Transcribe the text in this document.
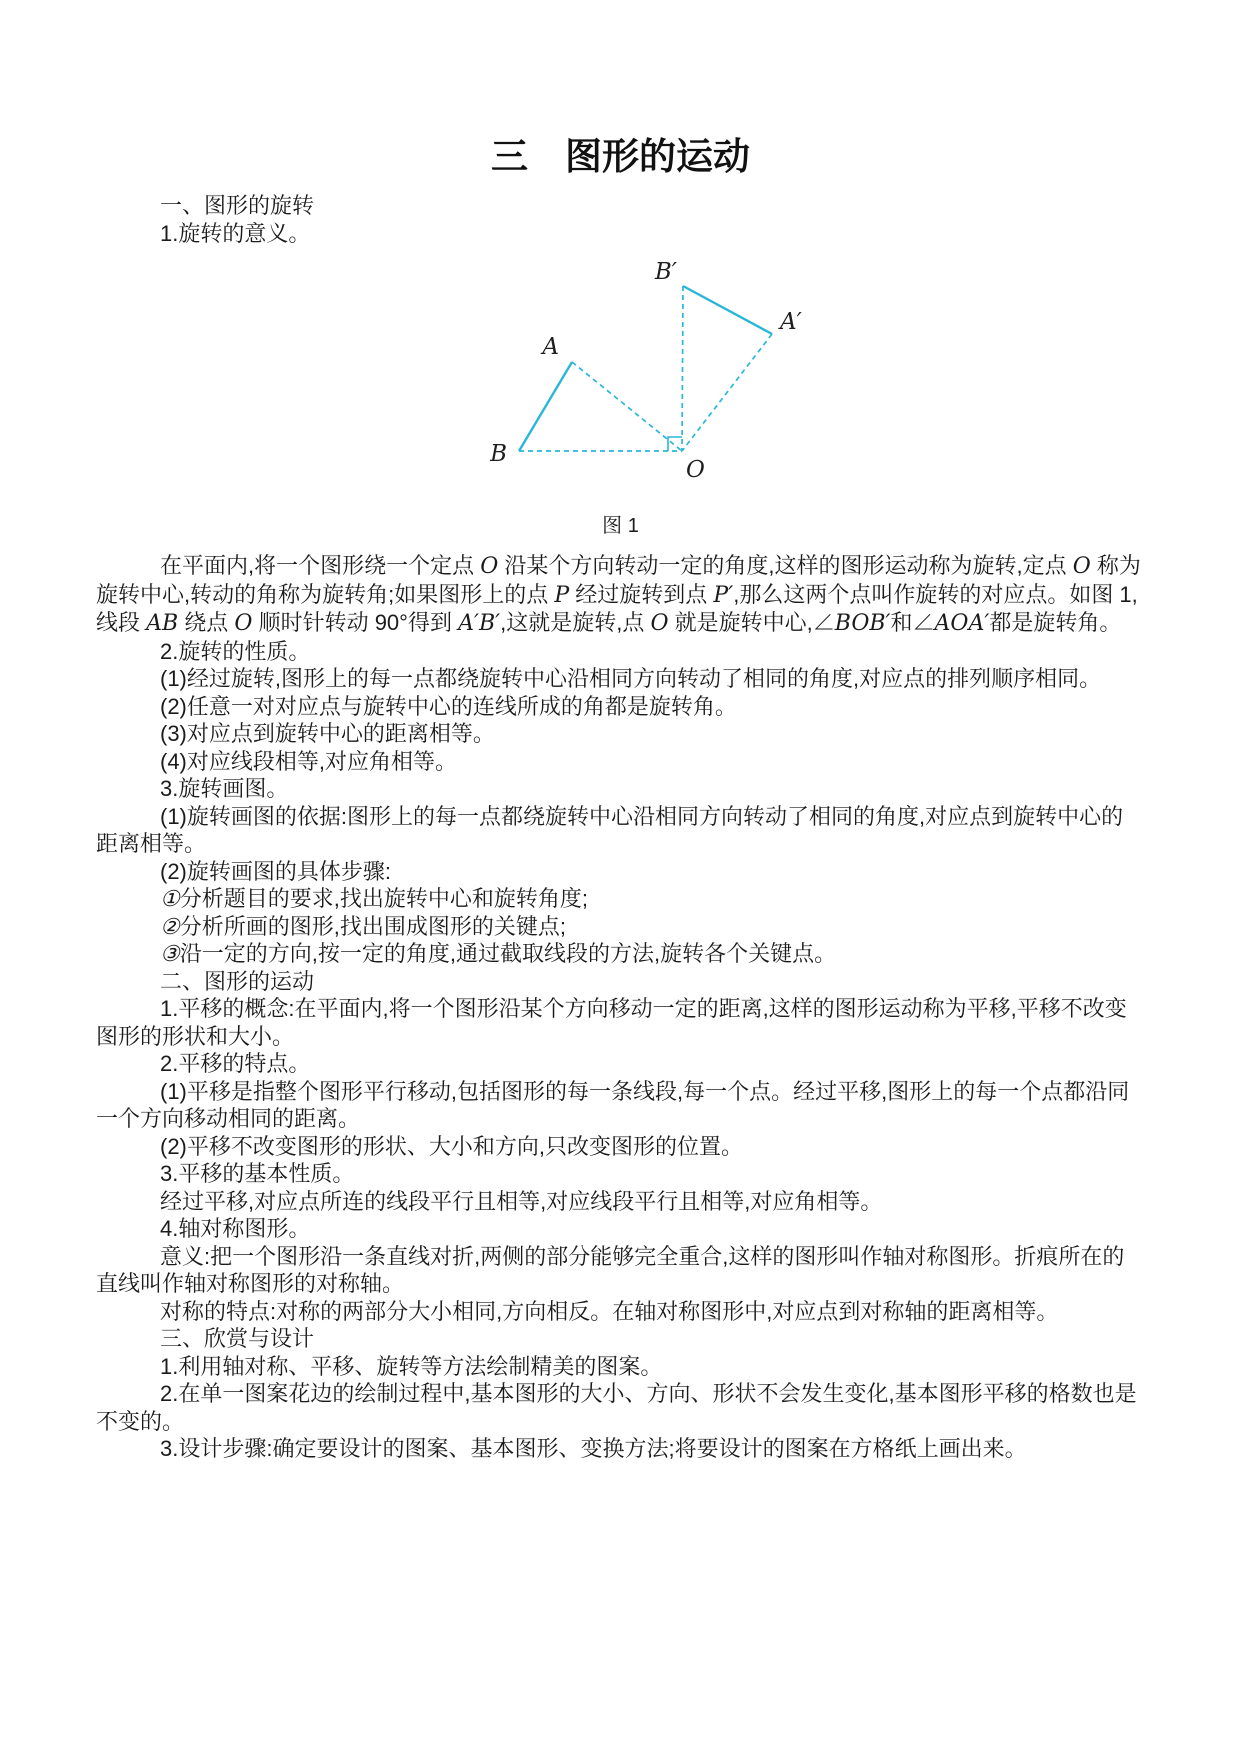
三　图形的运动

一、图形的旋转

1.旋转的意义。

A
B
B′
A′
O

图 1

在平面内,将一个图形绕一个定点 O 沿某个方向转动一定的角度,这样的图形运动称为旋转,定点 O 称为旋转中心,转动的角称为旋转角;如果图形上的点 P 经过旋转到点 P′,那么这两个点叫作旋转的对应点。如图 1,线段 AB 绕点 O 顺时针转动 90°得到 A′B′,这就是旋转,点 O 就是旋转中心,∠BOB′和∠AOA′都是旋转角。

2.旋转的性质。

(1)经过旋转,图形上的每一点都绕旋转中心沿相同方向转动了相同的角度,对应点的排列顺序相同。

(2)任意一对对应点与旋转中心的连线所成的角都是旋转角。

(3)对应点到旋转中心的距离相等。

(4)对应线段相等,对应角相等。

3.旋转画图。

(1)旋转画图的依据:图形上的每一点都绕旋转中心沿相同方向转动了相同的角度,对应点到旋转中心的距离相等。

(2)旋转画图的具体步骤:

①分析题目的要求,找出旋转中心和旋转角度;

②分析所画的图形,找出围成图形的关键点;

③沿一定的方向,按一定的角度,通过截取线段的方法,旋转各个关键点。

二、图形的运动

1.平移的概念:在平面内,将一个图形沿某个方向移动一定的距离,这样的图形运动称为平移,平移不改变图形的形状和大小。

2.平移的特点。

(1)平移是指整个图形平行移动,包括图形的每一条线段,每一个点。经过平移,图形上的每一个点都沿同一个方向移动相同的距离。

(2)平移不改变图形的形状、大小和方向,只改变图形的位置。

3.平移的基本性质。

经过平移,对应点所连的线段平行且相等,对应线段平行且相等,对应角相等。

4.轴对称图形。

意义:把一个图形沿一条直线对折,两侧的部分能够完全重合,这样的图形叫作轴对称图形。折痕所在的直线叫作轴对称图形的对称轴。

对称的特点:对称的两部分大小相同,方向相反。在轴对称图形中,对应点到对称轴的距离相等。

三、欣赏与设计

1.利用轴对称、平移、旋转等方法绘制精美的图案。

2.在单一图案花边的绘制过程中,基本图形的大小、方向、形状不会发生变化,基本图形平移的格数也是不变的。

3.设计步骤:确定要设计的图案、基本图形、变换方法;将要设计的图案在方格纸上画出来。
